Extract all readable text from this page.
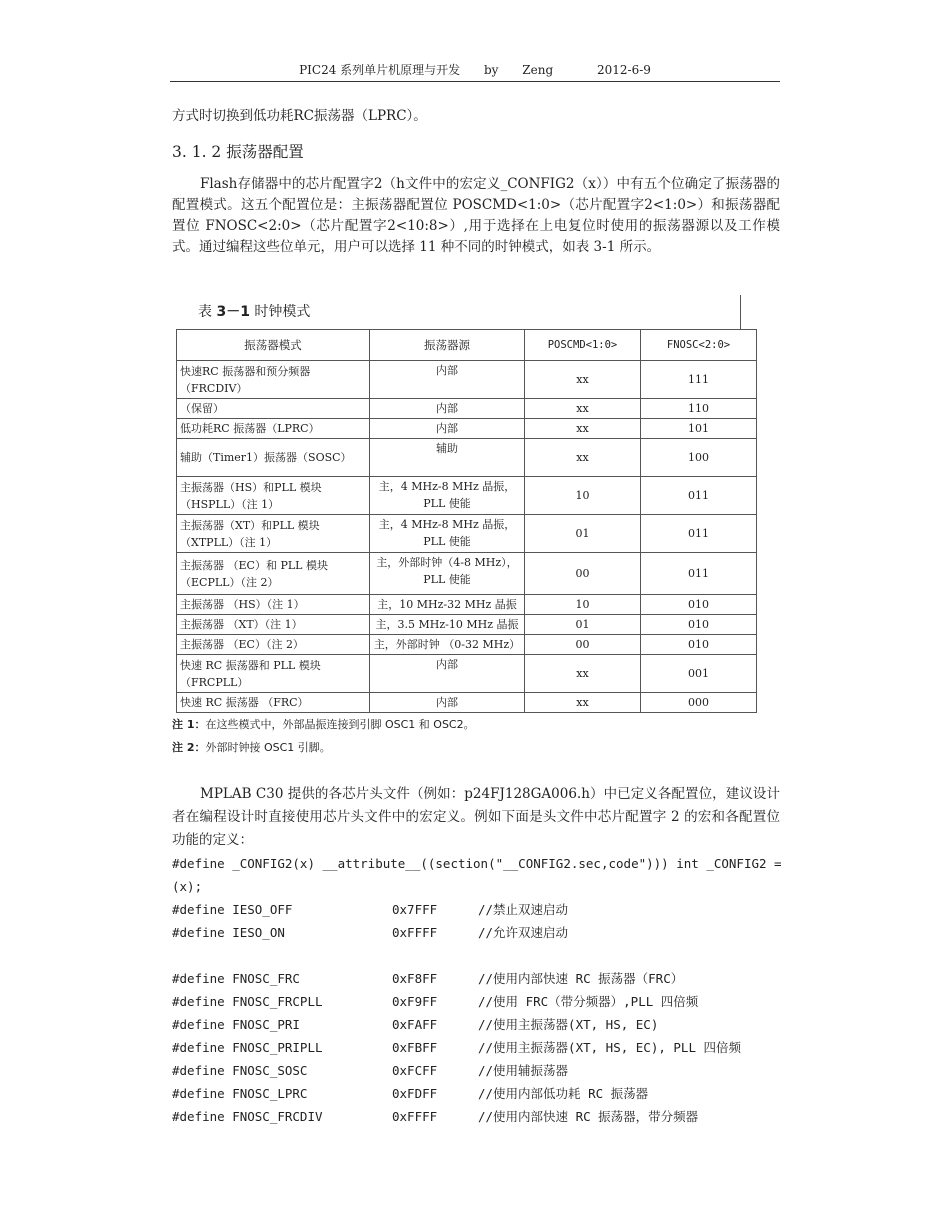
PIC24 系列单片机原理与开发 by Zeng	2012-6-9
方式时切换到低功耗RC振荡器（LPRC）。
3. 1. 2 振荡器配置
Flash存储器中的芯片配置字2（h文件中的宏定义_CONFIG2（x））中有五个位确定了振荡器的配置模式。这五个配置位是：主振荡器配置位 POSCMD<1:0>（芯片配置字2<1:0>）和振荡器配置位 FNOSC<2:0>（芯片配置字2<10:8>）,用于选择在上电复位时使用的振荡器源以及工作模式。通过编程这些位单元，用户可以选择 11 种不同的时钟模式，如表 3-1 所示。
表 3－1 时钟模式
振荡器模式	振荡器源	POSCMD<1:0>	FNOSC<2:0>
快速RC 振荡器和预分频器（FRCDIV）	内部	xx	111
（保留）	内部	xx	110
低功耗RC 振荡器（LPRC）	内部	xx	101
辅助（Timer1）振荡器（SOSC）	辅助	xx	100
主振荡器（HS）和PLL 模块（HSPLL）（注 1）	主，4 MHz-8 MHz 晶振，PLL 使能	10	011
主振荡器（XT）和PLL 模块（XTPLL）（注 1）	主，4 MHz-8 MHz 晶振，PLL 使能	01	011
主振荡器 （EC）和 PLL 模块（ECPLL）（注 2）	主，外部时钟（4-8 MHz），PLL 使能	00	011
主振荡器 （HS）（注 1）	主，10 MHz-32 MHz 晶振	10	010
主振荡器 （XT）（注 1）	主，3.5 MHz-10 MHz 晶振	01	010
主振荡器 （EC）（注 2）	主，外部时钟 （0-32 MHz）	00	010
快速 RC 振荡器和 PLL 模块（FRCPLL）	内部	xx	001
快速 RC 振荡器 （FRC）	内部	xx	000
注 1：在这些模式中，外部晶振连接到引脚 OSC1 和 OSC2。
注 2：外部时钟接 OSC1 引脚。
MPLAB C30 提供的各芯片头文件（例如：p24FJ128GA006.h）中已定义各配置位，建议设计者在编程设计时直接使用芯片头文件中的宏定义。例如下面是头文件中芯片配置字 2 的宏和各配置位功能的定义：
#define _CONFIG2(x) __attribute__((section("__CONFIG2.sec,code"))) int _CONFIG2 = (x);
#define IESO_OFF	0x7FFF	//禁止双速启动
#define IESO_ON	0xFFFF	//允许双速启动
#define FNOSC_FRC	0xF8FF	//使用内部快速 RC 振荡器（FRC）
#define FNOSC_FRCPLL	0xF9FF	//使用 FRC（带分频器）,PLL 四倍频
#define FNOSC_PRI	0xFAFF	//使用主振荡器(XT, HS, EC)
#define FNOSC_PRIPLL	0xFBFF	//使用主振荡器(XT, HS, EC), PLL 四倍频
#define FNOSC_SOSC	0xFCFF	//使用辅振荡器
#define FNOSC_LPRC	0xFDFF	//使用内部低功耗 RC 振荡器
#define FNOSC_FRCDIV	0xFFFF	//使用内部快速 RC 振荡器，带分频器
